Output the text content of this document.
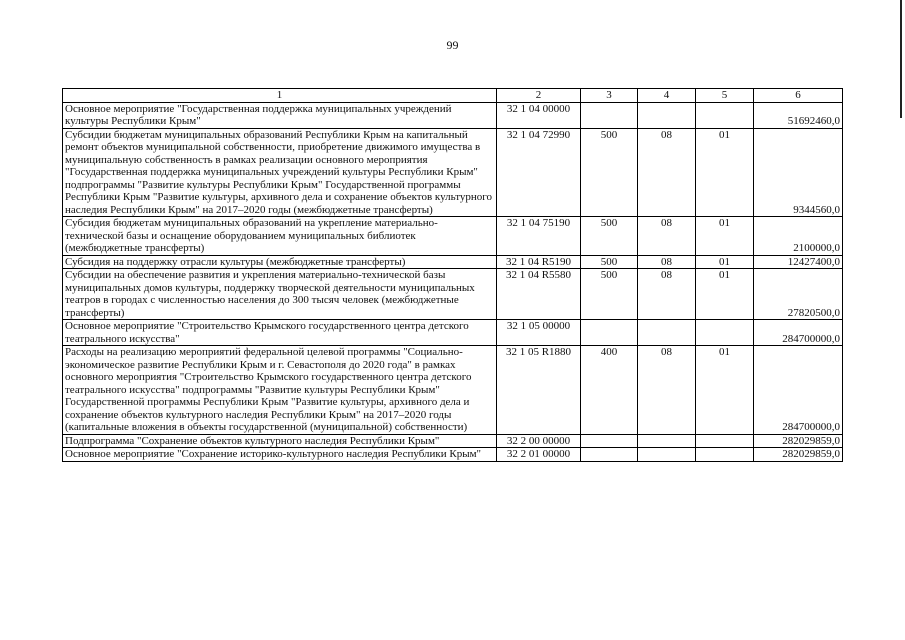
99
1	2	3	4	5	6
Основное мероприятие "Государственная поддержка муниципальных учреждений культуры Республики Крым"	32 1 04 00000				51692460,0
Субсидии бюджетам муниципальных образований Республики Крым на капитальный ремонт объектов муниципальной собственности, приобретение движимого имущества в муниципальную собственность в рамках реализации основного мероприятия "Государственная поддержка муниципальных учреждений культуры Республики Крым" подпрограммы "Развитие культуры Республики Крым" Государственной программы Республики Крым "Развитие культуры, архивного дела и сохранение объектов культурного наследия Республики Крым" на 2017–2020 годы (межбюджетные трансферты)	32 1 04 72990	500	08	01	9344560,0
Субсидия бюджетам муниципальных образований на укрепление материально-технической базы и оснащение оборудованием муниципальных библиотек (межбюджетные трансферты)	32 1 04 75190	500	08	01	2100000,0
Субсидия на поддержку отрасли культуры (межбюджетные трансферты)	32 1 04 R5190	500	08	01	12427400,0
Субсидии на обеспечение развития и укрепления материально-технической базы муниципальных домов культуры, поддержку творческой деятельности муниципальных театров в городах с численностью населения до 300 тысяч человек (межбюджетные трансферты)	32 1 04 R5580	500	08	01	27820500,0
Основное мероприятие "Строительство Крымского государственного центра детского театрального искусства"	32 1 05 00000				284700000,0
Расходы на реализацию мероприятий федеральной целевой программы "Социально-экономическое развитие Республики Крым и г. Севастополя до 2020 года" в рамках основного мероприятия "Строительство Крымского государственного центра детского театрального искусства" подпрограммы "Развитие культуры Республики Крым" Государственной программы Республики Крым "Развитие культуры, архивного дела и сохранение объектов культурного наследия Республики Крым" на 2017–2020 годы (капитальные вложения в объекты государственной (муниципальной) собственности)	32 1 05 R1880	400	08	01	284700000,0
Подпрограмма "Сохранение объектов культурного наследия Республики Крым"	32 2 00 00000				282029859,0
Основное мероприятие "Сохранение историко-культурного наследия Республики Крым"	32 2 01 00000				282029859,0
